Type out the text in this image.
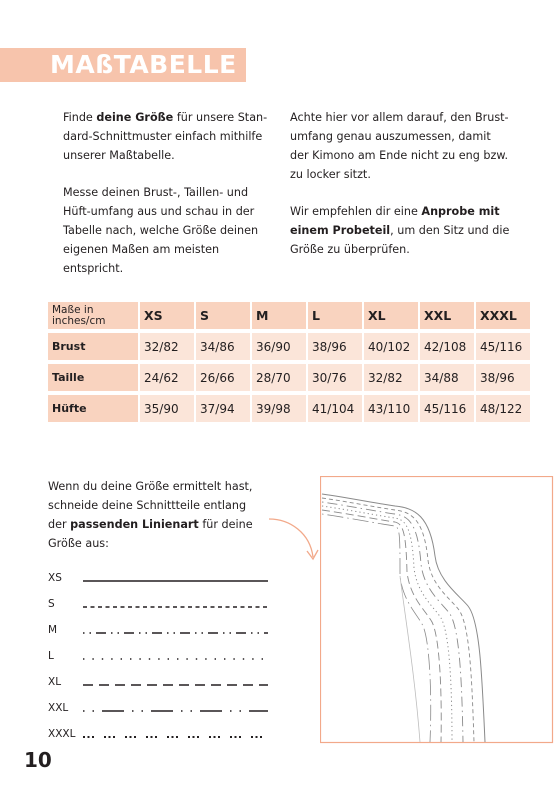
MAßTABELLE

Finde deine Größe für unsere Stan-dard-Schnittmuster einfach mithilfe unserer Maßtabelle.

Messe deinen Brust-, Taillen- und Hüft-umfang aus und schau in der Tabelle nach, welche Größe deinen eigenen Maßen am meisten entspricht.

Achte hier vor allem darauf, den Brust-umfang genau auszumessen, damit der Kimono am Ende nicht zu eng bzw. zu locker sitzt.

Wir empfehlen dir eine Anprobe mit einem Probeteil, um den Sitz und die Größe zu überprüfen.

Maße in inches/cm	XS	S	M	L	XL	XXL	XXXL
Brust	32/82	34/86	36/90	38/96	40/102	42/108	45/116
Taille	24/62	26/66	28/70	30/76	32/82	34/88	38/96
Hüfte	35/90	37/94	39/98	41/104	43/110	45/116	48/122
Wenn du deine Größe ermittelt hast, schneide deine Schnittteile entlang der passenden Linienart für deine Größe aus:
XS
S
M
L
XL
XXL
XXXL
10
